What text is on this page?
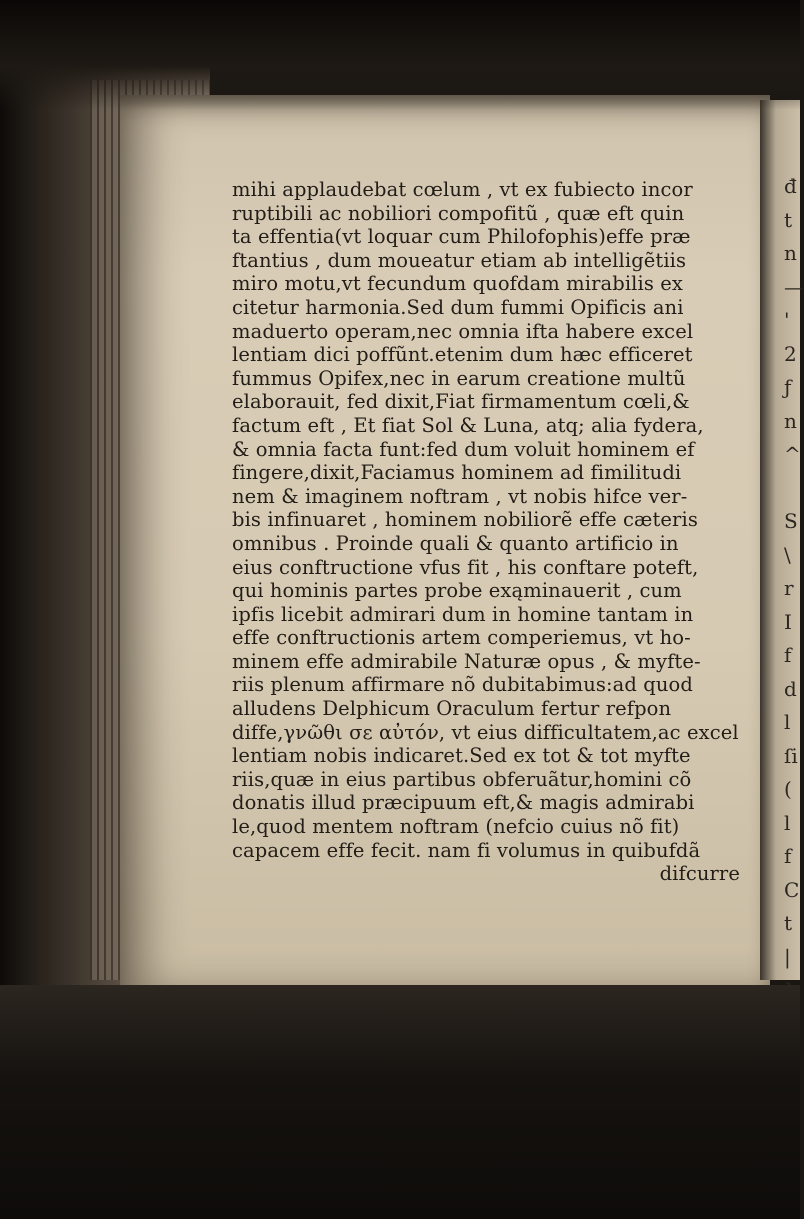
đ
t
n
—
'
2
ƒ
n
^

S
\
r
I
f
d
l
ſi
(
l
f
C
t
|

mihi applaudebat cœlum , vt ex fubiecto incor
ruptibili ac nobiliori compofitũ , quæ eft quin
ta effentia(vt loquar cum Philofophis)effe præ
ftantius , dum moueatur etiam ab intelligẽtiis
miro motu,vt fecundum quofdam mirabilis ex
citetur harmonia.Sed dum fummi Opificis ani
maduerto operam,nec omnia ifta habere excel
lentiam dici poffũnt.etenim dum hæc efficeret
fummus Opifex,nec in earum creatione multũ
elaborauit, fed dixit,Fiat firmamentum cœli,&
factum eft , Et fiat Sol & Luna, atq; alia fydera,
& omnia facta funt:fed dum voluit hominem ef
fingere,dixit,Faciamus hominem ad fimilitudi
nem & imaginem noftram , vt nobis hifce ver-
bis infinuaret , hominem nobiliorẽ effe cæteris
omnibus . Proinde quali & quanto artificio in
eius conftructione vfus fit , his conftare poteft,
qui hominis partes probe exąminauerit , cum
ipfis licebit admirari dum in homine tantam in
effe conftructionis artem comperiemus, vt ho-
minem effe admirabile Naturæ opus , & myfte-
riis plenum affirmare nõ dubitabimus:ad quod
alludens Delphicum Oraculum fertur refpon
diffe,γνῶθι σε αὐτόν, vt eius difficultatem,ac excel
lentiam nobis indicaret.Sed ex tot & tot myfte
riis,quæ in eius partibus obferuãtur,homini cõ
donatis illud præcipuum eft,& magis admirabi
le,quod mentem noftram (nefcio cuius nõ fit)
capacem effe fecit. nam fi volumus in quibufdã
difcurre
